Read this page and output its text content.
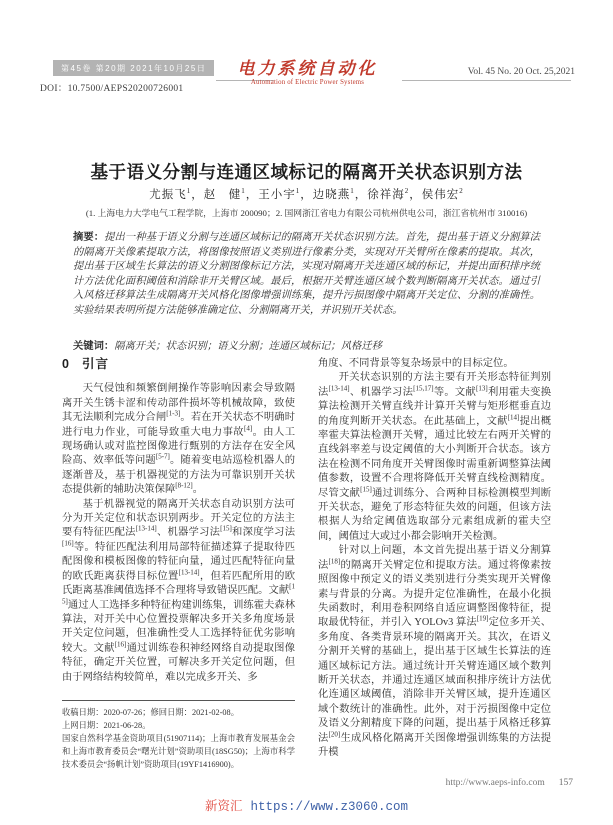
第45卷 第20期 2021年10月25日
DOI：10.7500/AEPS20200726001
电力系统自动化
Automation of Electric Power Systems
Vol. 45 No. 20 Oct. 25,2021
基于语义分割与连通区域标记的隔离开关状态识别方法
尤振飞$^1$，赵　健$^1$，王小宇$^1$，边晓燕$^1$，徐祥海$^2$，侯伟宏$^2$
(1. 上海电力大学电气工程学院，上海市 200090；2. 国网浙江省电力有限公司杭州供电公司，浙江省杭州市 310016)
摘要：提出一种基于语义分割与连通区域标记的隔离开关状态识别方法。首先，提出基于语义分割算法的隔离开关像素提取方法，将图像按照语义类别进行像素分类，实现对开关臂所在像素的提取。其次，提出基于区域生长算法的语义分割图像标记方法，实现对隔离开关连通区域的标记，并提出面积排序统计方法优化面积阈值和消除非开关臂区域。最后，根据开关臂连通区域个数判断隔离开关状态。通过引入风格迁移算法生成隔离开关风格化图像增强训练集，提升污损图像中隔离开关定位、分割的准确性。实验结果表明所提方法能够准确定位、分割隔离开关，并识别开关状态。
关键词：隔离开关；状态识别；语义分割；连通区域标记；风格迁移
0 引言

天气侵蚀和频繁倒闸操作等影响因素会导致隔离开关生锈卡涩和传动部件损坏等机械故障，致使其无法顺利完成分合闸[1-3]。若在开关状态不明确时进行电力作业，可能导致重大电力事故[4]。由人工现场确认或对监控图像进行甄别的方法存在安全风险高、效率低等问题[5-7]。随着变电站巡检机器人的逐渐普及，基于机器视觉的方法为可靠识别开关状态提供新的辅助决策保障[8-12]。

基于机器视觉的隔离开关状态自动识别方法可分为开关定位和状态识别两步。开关定位的方法主要有特征匹配法[13-14]、机器学习法[15]和深度学习法[16]等。特征匹配法利用局部特征描述算子提取待匹配图像和模板图像的特征向量，通过匹配特征向量的欧氏距离获得目标位置[13-14]，但若匹配所用的欧氏距离基准阈值选择不合理将导致错误匹配。文献[15]通过人工选择多种特征构建训练集，训练霍夫森林算法，对开关中心位置投票解决多开关多角度场景开关定位问题，但准确性受人工选择特征优劣影响较大。文献[16]通过训练卷积神经网络自动提取图像特征，确定开关位置，可解决多开关定位问题，但由于网络结构较简单，难以完成多开关、多

收稿日期：2020-07-26；修回日期：2021-02-08。
上网日期：2021-06-28。
国家自然科学基金资助项目(51907114)；上海市教育发展基金会和上海市教育委员会“曙光计划”资助项目(18SG50)；上海市科学技术委员会“扬帆计划”资助项目(19YF1416900)。

角度、不同背景等复杂场景中的目标定位。

开关状态识别的方法主要有开关形态特征判别法[13-14]、机器学习法[15,17]等。文献[13]利用霍夫变换算法检测开关臂直线并计算开关臂与矩形框垂直边的角度判断开关状态。在此基础上，文献[14]提出概率霍夫算法检测开关臂，通过比较左右两开关臂的直线斜率差与设定阈值的大小判断开合状态。该方法在检测不同角度开关臂图像时需重新调整算法阈值参数，设置不合理将降低开关臂直线检测精度。尽管文献[15]通过训练分、合两种目标检测模型判断开关状态，避免了形态特征失效的问题，但该方法根据人为给定阈值选取部分元素组成新的霍夫空间，阈值过大或过小都会影响开关检测。

针对以上问题，本文首先提出基于语义分割算法[18]的隔离开关臂定位和提取方法。通过将像素按照图像中预定义的语义类别进行分类实现开关臂像素与背景的分离。为提升定位准确性，在最小化损失函数时，利用卷积网络自适应调整图像特征，提取最优特征，并引入 YOLOv3 算法[19]定位多开关、多角度、各类背景环境的隔离开关。其次，在语义分割开关臂的基础上，提出基于区域生长算法的连通区域标记方法。通过统计开关臂连通区域个数判断开关状态，并通过连通区域面积排序统计方法优化连通区域阈值，消除非开关臂区域，提升连通区域个数统计的准确性。此外，对于污损图像中定位及语义分割精度下降的问题，提出基于风格迁移算法[20]生成风格化隔离开关图像增强训练集的方法提升模

http://www.aeps-info.com 157
新资汇 https://www.z3060.com
